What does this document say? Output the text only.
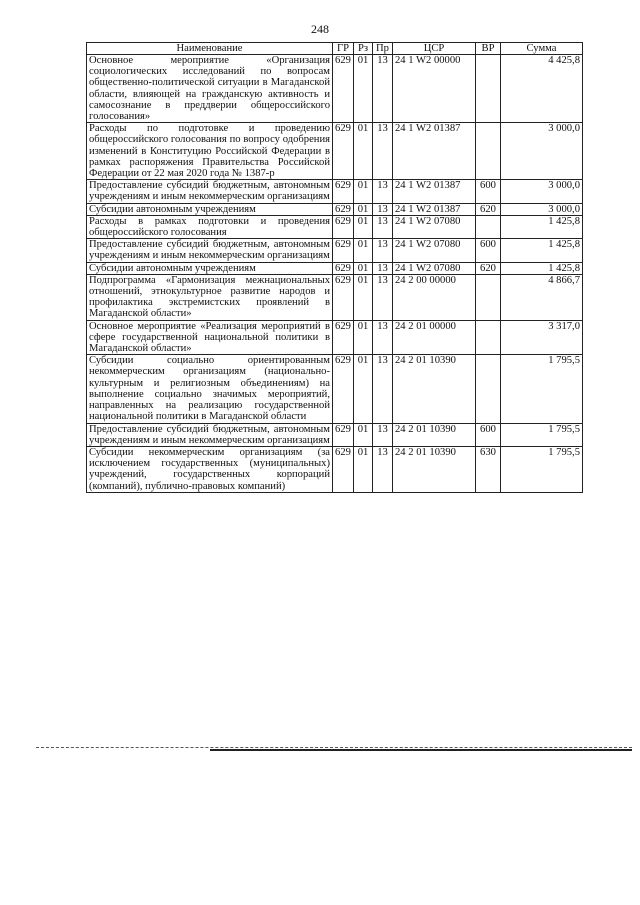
248
Наименование	ГР	Рз	Пр	ЦСР	ВР	Сумма
Основное мероприятие «Организация социологических исследований по вопросам общественно-политической ситуации в Магаданской области, влияющей на гражданскую активность и самосознание в преддверии общероссийского голосования»	629	01	13	24 1 W2 00000		4 425,8
Расходы по подготовке и проведению общероссийского голосования по вопросу одобрения изменений в Конституцию Российской Федерации в рамках распоряжения Правительства Российской Федерации от 22 мая 2020 года № 1387-р	629	01	13	24 1 W2 01387		3 000,0
Предоставление субсидий бюджетным, автономным учреждениям и иным некоммерческим организациям	629	01	13	24 1 W2 01387	600	3 000,0
Субсидии автономным учреждениям	629	01	13	24 1 W2 01387	620	3 000,0
Расходы в рамках подготовки и проведения общероссийского голосования	629	01	13	24 1 W2 07080		1 425,8
Предоставление субсидий бюджетным, автономным учреждениям и иным некоммерческим организациям	629	01	13	24 1 W2 07080	600	1 425,8
Субсидии автономным учреждениям	629	01	13	24 1 W2 07080	620	1 425,8
Подпрограмма «Гармонизация межнациональных отношений, этнокультурное развитие народов и профилактика экстремистских проявлений в Магаданской области»	629	01	13	24 2 00 00000		4 866,7
Основное мероприятие «Реализация мероприятий в сфере государственной национальной политики в Магаданской области»	629	01	13	24 2 01 00000		3 317,0
Субсидии социально ориентированным некоммерческим организациям (национально-культурным и религиозным объединениям) на выполнение социально значимых мероприятий, направленных на реализацию государственной национальной политики в Магаданской области	629	01	13	24 2 01 10390		1 795,5
Предоставление субсидий бюджетным, автономным учреждениям и иным некоммерческим организациям	629	01	13	24 2 01 10390	600	1 795,5
Субсидии некоммерческим организациям (за исключением государственных (муниципальных) учреждений, государственных корпораций (компаний), публично-правовых компаний)	629	01	13	24 2 01 10390	630	1 795,5
